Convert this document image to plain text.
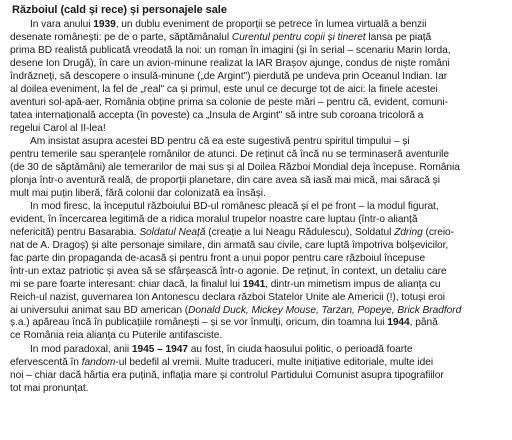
Războiul (cald și rece) și personajele sale
În vara anului 1939, un dublu eveniment de proporții se petrece în lumea virtuală a benzii
desenate românești: pe de o parte, săptămânalul Curentul pentru copii și tineret lansa pe piață
prima BD realistă publicată vreodată la noi: un roman în imagini (și în serial – scenariu Marin Iorda,
desene Ion Drugă), în care un avion-minune realizat la IAR Brașov ajunge, condus de niște români
îndrăzneți, să descopere o insulă-minune („de Argint") pierdută pe undeva prin Oceanul Indian. Iar
al doilea eveniment, la fel de „real" ca și primul, este unul ce decurge tot de aici: la finele acestei
aventuri sol-apă-aer, România obține prima sa colonie de peste mări – pentru că, evident, comuni-
tatea internațională accepta (în poveste) ca „Insula de Argint" să intre sub coroana tricoloră a
regelui Carol al II-lea!
Am insistat asupra acestei BD pentru că ea este sugestivă pentru spiritul timpului – și
pentru temerile sau speranțele românilor de atunci. De reținut că încă nu se terminaseră aventurile
(de 30 de săptămâni) ale temerarilor de mai sus și al Doilea Război Mondial deja începuse. România
plonja într-o aventură reală, de proporții planetare, din care avea să iasă mai mică, mai săracă și
mult mai puțin liberă, fără colonii dar colonizată ea însăși.
În mod firesc, la începutul războiului BD-ul românesc pleacă și el pe front – la modul figurat,
evident, în încercarea legitimă de a ridica moralul trupelor noastre care luptau (într-o alianță
nefericită) pentru Basarabia. Soldatul Neață (creație a lui Neagu Rădulescu), Soldatul Zdring (creio-
nat de A. Dragoș) și alte personaje similare, din armată sau civile, care luptă împotriva bolșevicilor,
fac parte din propaganda de-acasă și pentru front a unui popor pentru care războiul începuse
într-un extaz patriotic și avea să se sfârșească într-o agonie. De reținut, în context, un detaliu care
mi se pare foarte interesant: chiar dacă, la finalul lui 1941, dintr-un mimetism impus de alianța cu
Reich-ul nazist, guvernarea Ion Antonescu declara război Statelor Unite ale Americii (!), totuși eroi
ai universului animat sau BD american (Donald Duck, Mickey Mouse, Tarzan, Popeye, Brick Bradford
ș.a.) apăreau încă în publicațiile românești – și se vor înmulți, oricum, din toamna lui 1944, până
ce România reia alianța cu Puterile antifasciste.
În mod paradoxal, anii 1945 – 1947 au fost, în ciuda haosului politic, o perioadă foarte
efervescentă în fandom-ul bedefil al vremii. Multe traduceri, multe inițiative editoriale, multe idei
noi – chiar dacă hârtia era puțină, inflația mare și controlul Partidului Comunist asupra tipografiilor
tot mai pronunțat.
